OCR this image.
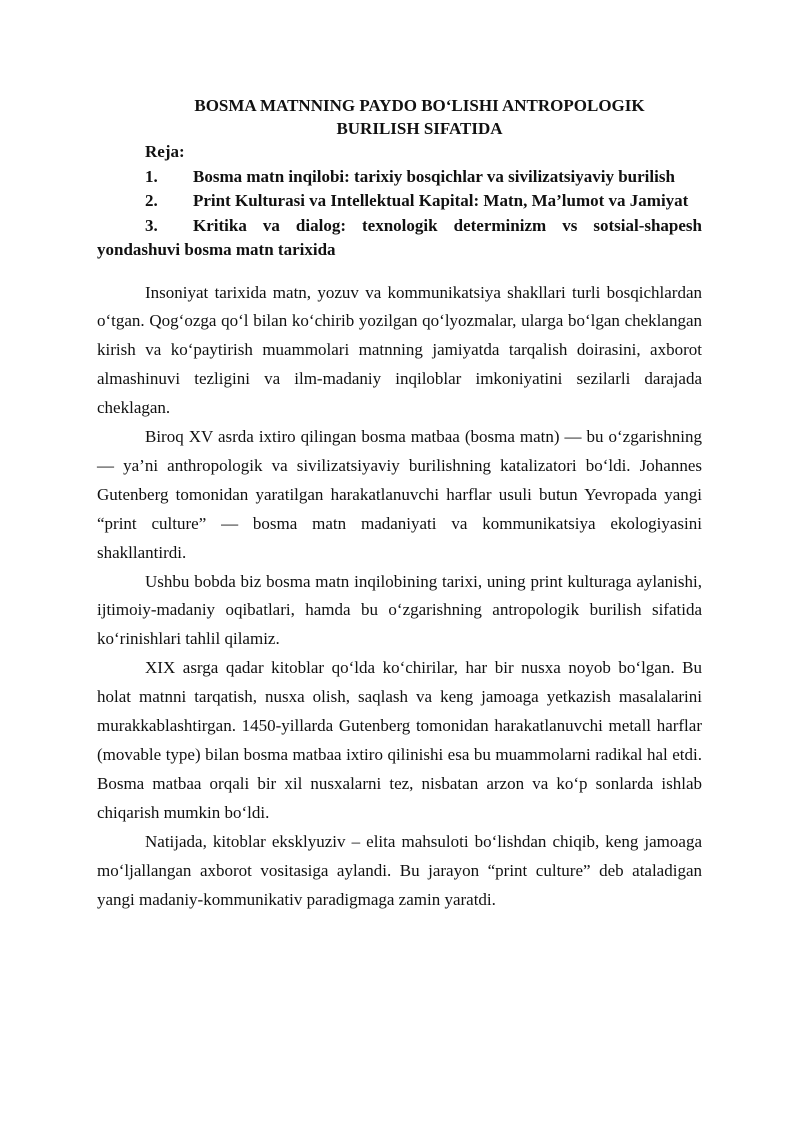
BOSMA MATNNING PAYDO BO‘LISHI ANTROPOLOGIK
BURILISH SIFATIDA
Reja:
1. Bosma matn inqilobi: tarixiy bosqichlar va sivilizatsiyaviy burilish
2. Print Kulturasi va Intellektual Kapital: Matn, Ma’lumot va Jamiyat
3. Kritika va dialog: texnologik determinizm vs sotsial-shapesh yondashuvi bosma matn tarixida

Insoniyat tarixida matn, yozuv va kommunikatsiya shakllari turli bosqichlardan o‘tgan. Qog‘ozga qo‘l bilan ko‘chirib yozilgan qo‘lyozmalar, ularga bo‘lgan cheklangan kirish va ko‘paytirish muammolari matnning jamiyatda tarqalish doirasini, axborot almashinuvi tezligini va ilm-madaniy inqiloblar imkoniyatini sezilarli darajada cheklagan.

Biroq XV asrda ixtiro qilingan bosma matbaa (bosma matn) — bu o‘zgarishning — ya’ni anthropologik va sivilizatsiyaviy burilishning katalizatori bo‘ldi. Johannes Gutenberg tomonidan yaratilgan harakatlanuvchi harflar usuli butun Yevropada yangi “print culture” — bosma matn madaniyati va kommunikatsiya ekologiyasini shakllantirdi.

Ushbu bobda biz bosma matn inqilobining tarixi, uning print kulturaga aylanishi, ijtimoiy-madaniy oqibatlari, hamda bu o‘zgarishning antropologik burilish sifatida ko‘rinishlari tahlil qilamiz.

XIX asrga qadar kitoblar qo‘lda ko‘chirilar, har bir nusxa noyob bo‘lgan. Bu holat matnni tarqatish, nusxa olish, saqlash va keng jamoaga yetkazish masalalarini murakkablashtirgan. 1450-yillarda Gutenberg tomonidan harakatlanuvchi metall harflar (movable type) bilan bosma matbaa ixtiro qilinishi esa bu muammolarni radikal hal etdi. Bosma matbaa orqali bir xil nusxalarni tez, nisbatan arzon va ko‘p sonlarda ishlab chiqarish mumkin bo‘ldi.

Natijada, kitoblar eksklyuziv – elita mahsuloti bo‘lishdan chiqib, keng jamoaga mo‘ljallangan axborot vositasiga aylandi. Bu jarayon “print culture” deb ataladigan yangi madaniy-kommunikativ paradigmaga zamin yaratdi.
